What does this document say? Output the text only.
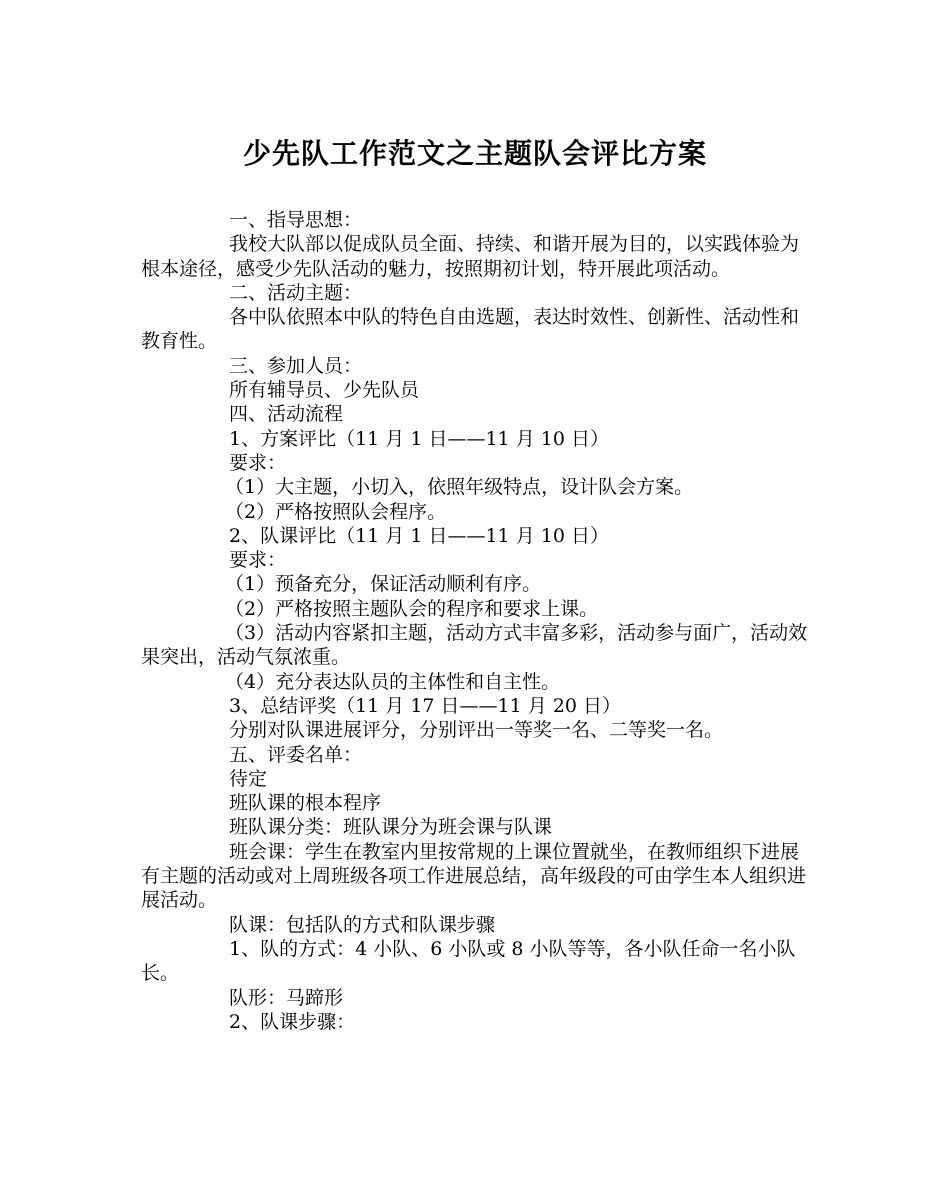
少先队工作范文之主题队会评比方案

一、指导思想：

我校大队部以促成队员全面、持续、和谐开展为目的，以实践体验为根本途径，感受少先队活动的魅力，按照期初计划，特开展此项活动。

二、活动主题：

各中队依照本中队的特色自由选题，表达时效性、创新性、活动性和教育性。

三、参加人员：

所有辅导员、少先队员

四、活动流程

1、方案评比（11 月 1 日——11 月 10 日）

要求：

（1）大主题，小切入，依照年级特点，设计队会方案。

（2）严格按照队会程序。

2、队课评比（11 月 1 日——11 月 10 日）

要求：

（1）预备充分，保证活动顺利有序。

（2）严格按照主题队会的程序和要求上课。

（3）活动内容紧扣主题，活动方式丰富多彩，活动参与面广，活动效果突出，活动气氛浓重。

（4）充分表达队员的主体性和自主性。

3、总结评奖（11 月 17 日——11 月 20 日）

分别对队课进展评分，分别评出一等奖一名、二等奖一名。

五、评委名单：

待定

班队课的根本程序

班队课分类：班队课分为班会课与队课

班会课：学生在教室内里按常规的上课位置就坐，在教师组织下进展有主题的活动或对上周班级各项工作进展总结，高年级段的可由学生本人组织进展活动。

队课：包括队的方式和队课步骤

1、队的方式：4 小队、6 小队或 8 小队等等，各小队任命一名小队长。

队形：马蹄形

2、队课步骤：
